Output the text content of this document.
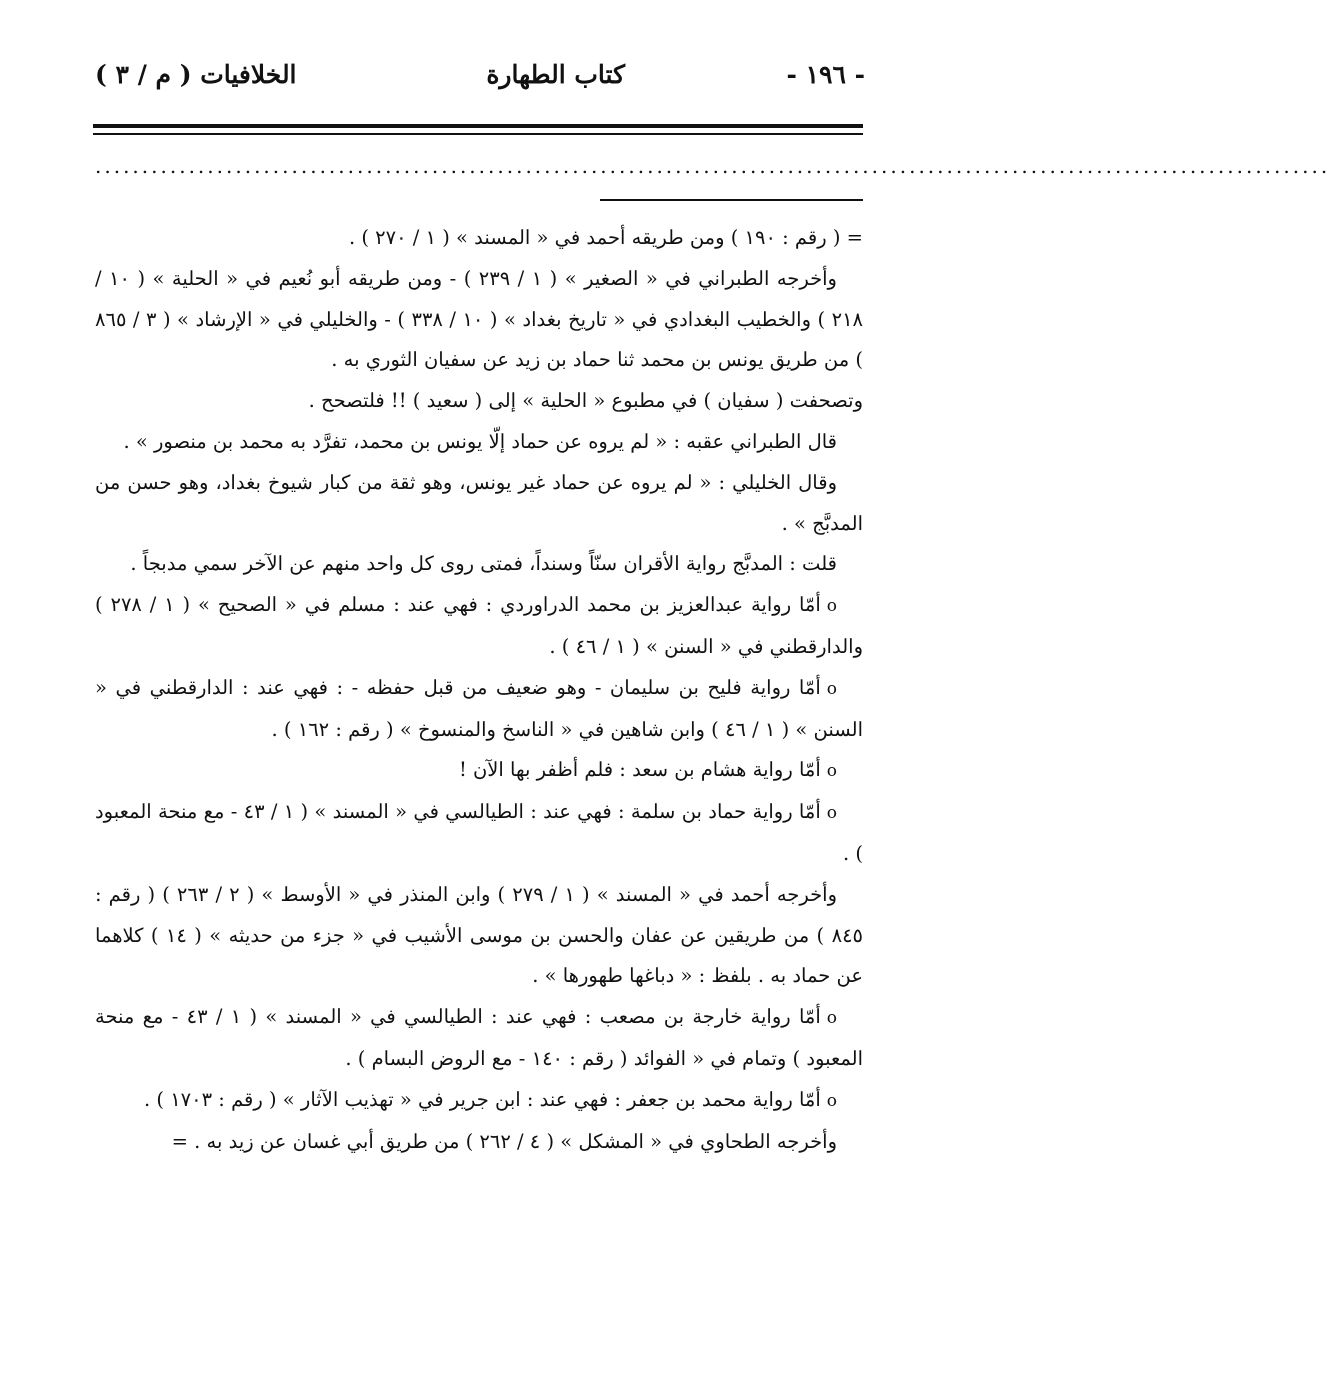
- ١٩٦ -
كتاب الطهارة
الخلافيات ( م / ٣ )
....................................................................................................................................

= ( رقم : ١٩٠ ) ومن طريقه أحمد في « المسند » ( ١ / ٢٧٠ ) .

وأخرجه الطبراني في « الصغير » ( ١ / ٢٣٩ ) - ومن طريقه أبو نُعيم في « الحلية » ( ١٠ / ٢١٨ ) والخطيب البغدادي في « تاريخ بغداد » ( ١٠ / ٣٣٨ ) - والخليلي في « الإرشاد » ( ٣ / ٨٦٥ ) من طريق يونس بن محمد ثنا حماد بن زيد عن سفيان الثوري به .

وتصحفت ( سفيان ) في مطبوع « الحلية » إلى ( سعيد ) !! فلتصحح .

قال الطبراني عقبه : « لم يروه عن حماد إلّا يونس بن محمد، تفرَّد به محمد بن منصور » .

وقال الخليلي : « لم يروه عن حماد غير يونس، وهو ثقة من كبار شيوخ بغداد، وهو حسن من المدبَّج » .

قلت : المدبَّج رواية الأقران سنّاً وسنداً، فمتى روى كل واحد منهم عن الآخر سمي مدبجاً .

oأمّا رواية عبدالعزيز بن محمد الدراوردي : فهي عند : مسلم في « الصحيح » ( ١ / ٢٧٨ ) والدارقطني في « السنن » ( ١ / ٤٦ ) .

oأمّا رواية فليح بن سليمان - وهو ضعيف من قبل حفظه - : فهي عند : الدارقطني في « السنن » ( ١ / ٤٦ ) وابن شاهين في « الناسخ والمنسوخ » ( رقم : ١٦٢ ) .

oأمّا رواية هشام بن سعد : فلم أظفر بها الآن !

oأمّا رواية حماد بن سلمة : فهي عند : الطيالسي في « المسند » ( ١ / ٤٣ - مع منحة المعبود ) .

وأخرجه أحمد في « المسند » ( ١ / ٢٧٩ ) وابن المنذر في « الأوسط » ( ٢ / ٢٦٣ ) ( رقم : ٨٤٥ ) من طريقين عن عفان والحسن بن موسى الأشيب في « جزء من حديثه » ( ١٤ ) كلاهما عن حماد به . بلفظ : « دباغها طهورها » .

oأمّا رواية خارجة بن مصعب : فهي عند : الطيالسي في « المسند » ( ١ / ٤٣ - مع منحة المعبود ) وتمام في « الفوائد ( رقم : ١٤٠ - مع الروض البسام ) .

oأمّا رواية محمد بن جعفر : فهي عند : ابن جرير في « تهذيب الآثار » ( رقم : ١٧٠٣ ) .

وأخرجه الطحاوي في « المشكل » ( ٤ / ٢٦٢ ) من طريق أبي غسان عن زيد به . =
